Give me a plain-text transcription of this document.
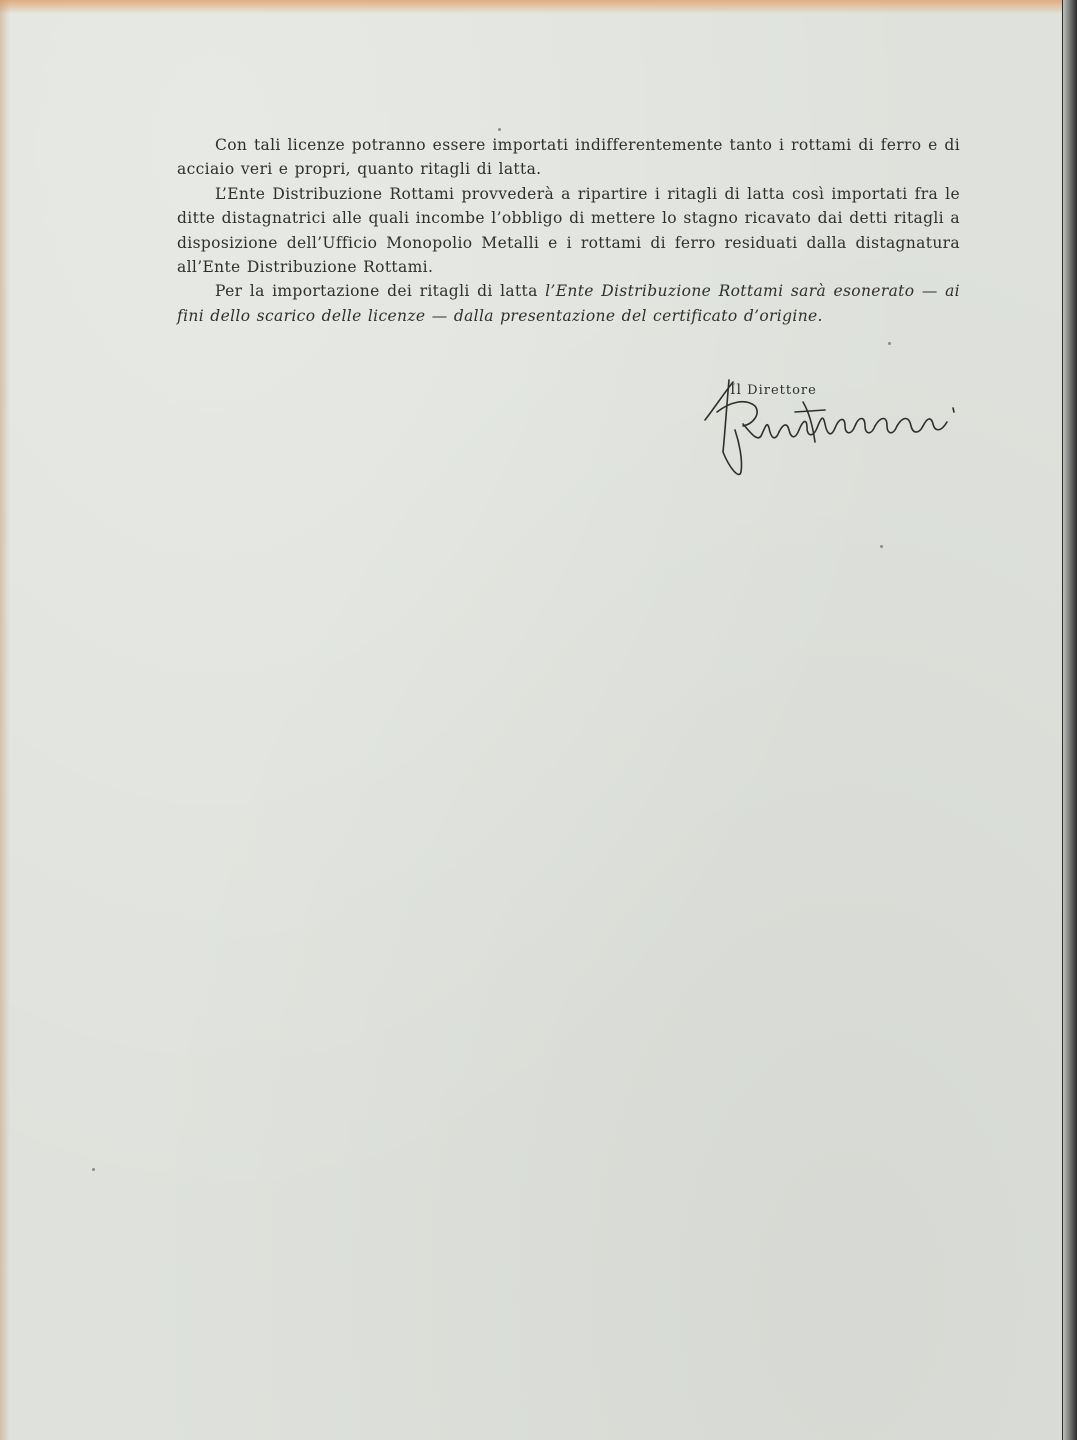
Con tali licenze potranno essere importati indifferentemente tanto i rottami di ferro e di acciaio veri e propri, quanto ritagli di latta.

L’Ente Distribuzione Rottami provvederà a ripartire i ritagli di latta così importati fra le ditte distagnatrici alle quali incombe l’obbligo di mettere lo stagno ricavato dai detti ritagli a disposizione dell’Ufficio Monopolio Metalli e i rottami di ferro residuati dalla distagnatura all’Ente Distribuzione Rottami.

Per la importazione dei ritagli di latta l’Ente Distribuzione Rottami sarà esonerato — ai fini dello scarico delle licenze — dalla presentazione del certificato d’origine.

Il Direttore
